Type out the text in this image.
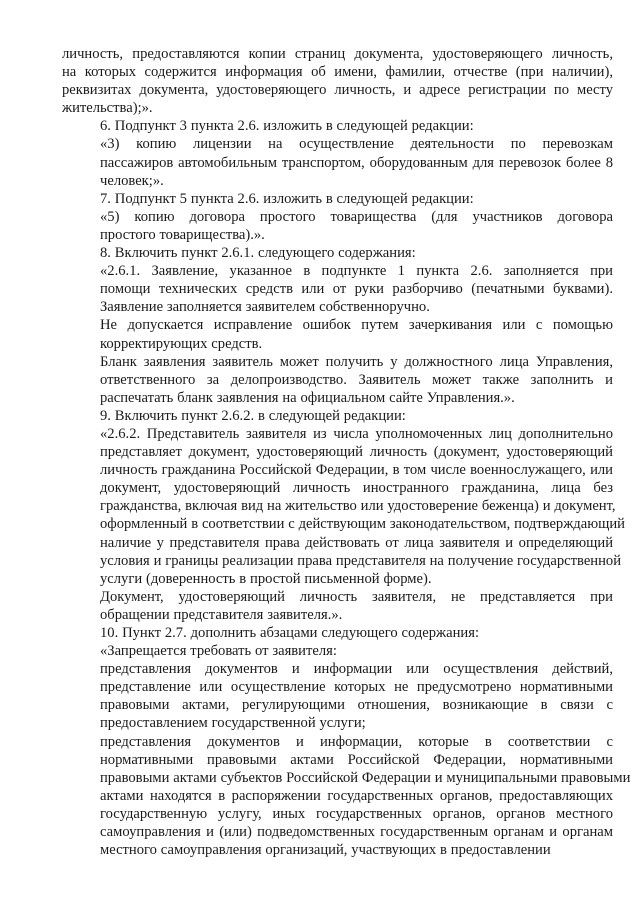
личность, предоставляются копии страниц документа, удостоверяющего личность,
на которых содержится информация об имени, фамилии, отчестве (при наличии),
реквизитах документа, удостоверяющего личность, и адресе регистрации по месту
жительства);».

6. Подпункт 3 пункта 2.6. изложить в следующей редакции:

«3) копию лицензии на осуществление деятельности по перевозкам
пассажиров автомобильным транспортом, оборудованным для перевозок более 8
человек;».

7. Подпункт 5 пункта 2.6. изложить в следующей редакции:

«5) копию договора простого товарищества (для участников договора
простого товарищества).».

8. Включить пункт 2.6.1. следующего содержания:

«2.6.1. Заявление, указанное в подпункте 1 пункта 2.6. заполняется при
помощи технических средств или от руки разборчиво (печатными буквами).
Заявление заполняется заявителем собственноручно.

Не допускается исправление ошибок путем зачеркивания или с помощью
корректирующих средств.

Бланк заявления заявитель может получить у должностного лица Управления,
ответственного за делопроизводство. Заявитель может также заполнить и
распечатать бланк заявления на официальном сайте Управления.».

9. Включить пункт 2.6.2. в следующей редакции:

«2.6.2. Представитель заявителя из числа уполномоченных лиц дополнительно
представляет документ, удостоверяющий личность (документ, удостоверяющий
личность гражданина Российской Федерации, в том числе военнослужащего, или
документ, удостоверяющий личность иностранного гражданина, лица без
гражданства, включая вид на жительство или удостоверение беженца) и документ,
оформленный в соответствии с действующим законодательством, подтверждающий
наличие у представителя права действовать от лица заявителя и определяющий
условия и границы реализации права представителя на получение государственной
услуги (доверенность в простой письменной форме).

Документ, удостоверяющий личность заявителя, не представляется при
обращении представителя заявителя.».

10. Пункт 2.7. дополнить абзацами следующего содержания:

«Запрещается требовать от заявителя:

представления документов и информации или осуществления действий,
представление или осуществление которых не предусмотрено нормативными
правовыми актами, регулирующими отношения, возникающие в связи с
предоставлением государственной услуги;

представления документов и информации, которые в соответствии с
нормативными правовыми актами Российской Федерации, нормативными
правовыми актами субъектов Российской Федерации и муниципальными правовыми
актами находятся в распоряжении государственных органов, предоставляющих
государственную услугу, иных государственных органов, органов местного
самоуправления и (или) подведомственных государственным органам и органам
местного самоуправления организаций, участвующих в предоставлении
